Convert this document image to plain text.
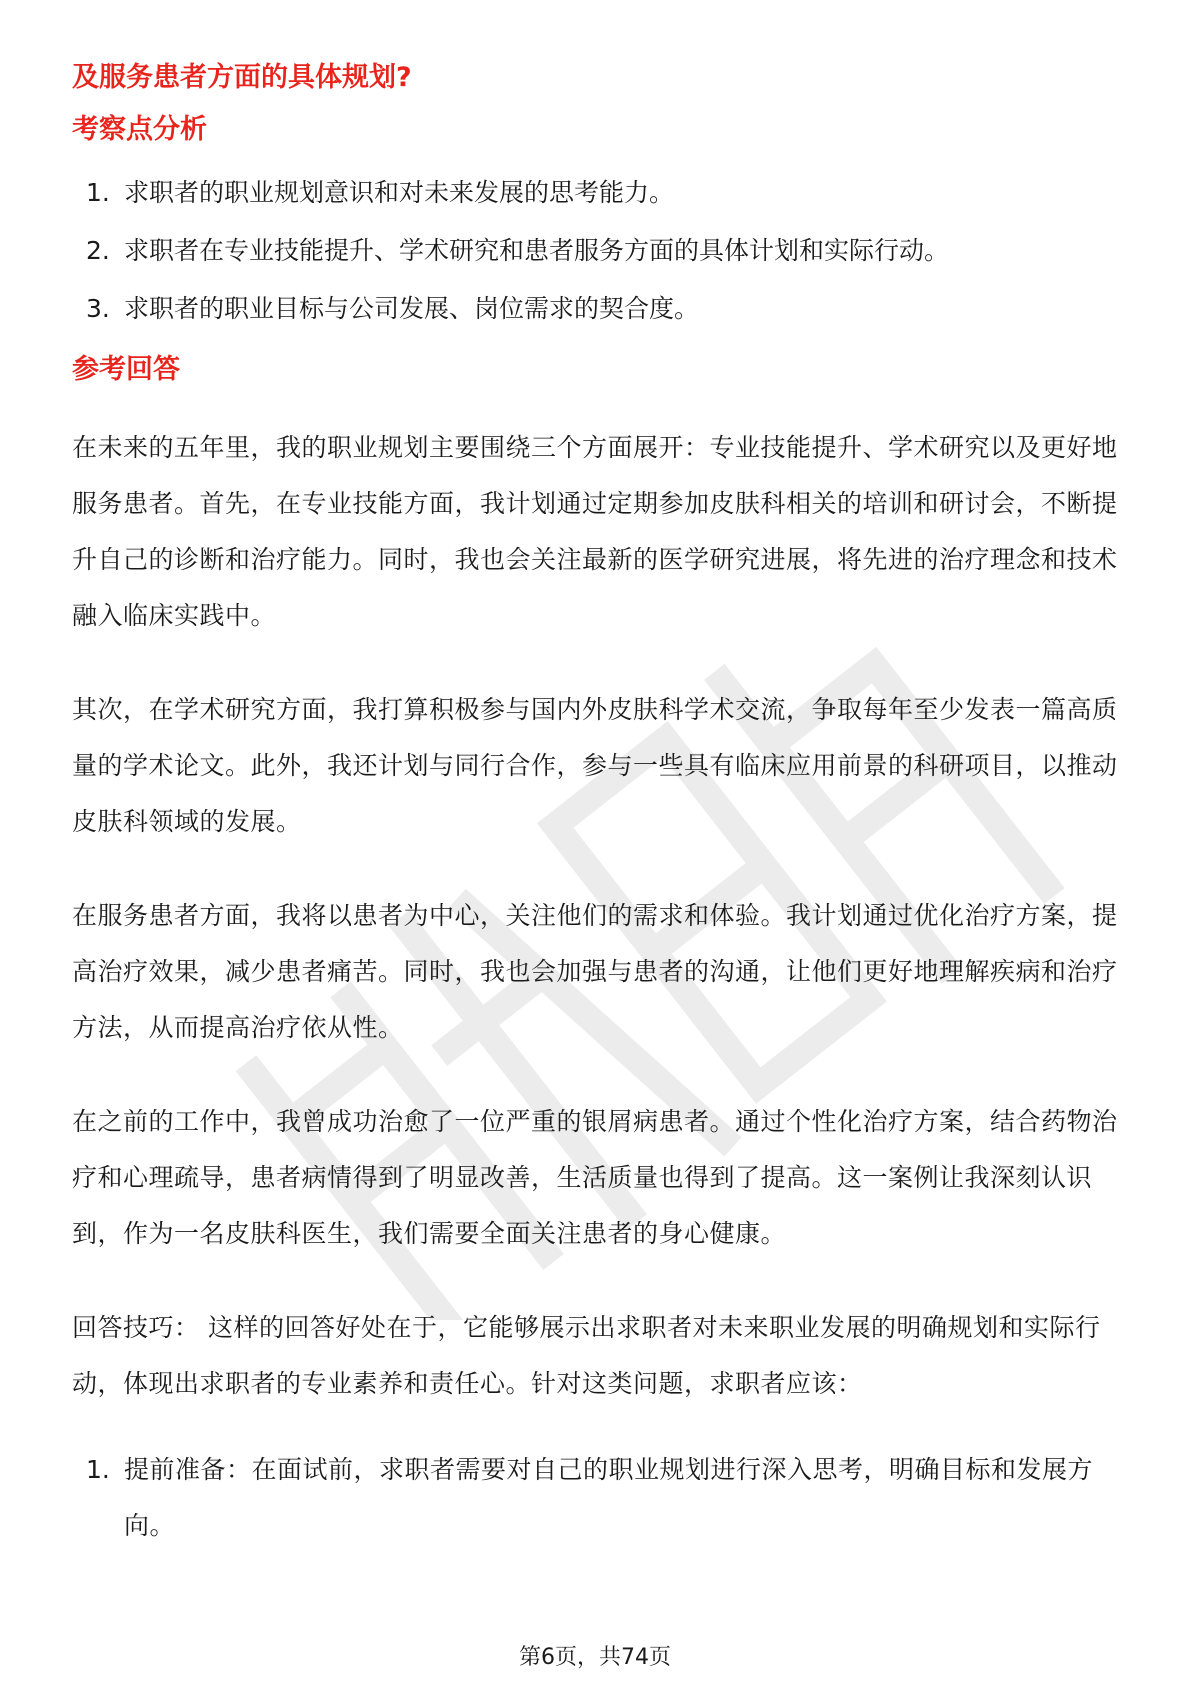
及服务患者方面的具体规划?
考察点分析
1. 求职者的职业规划意识和对未来发展的思考能力。
2. 求职者在专业技能提升、学术研究和患者服务方面的具体计划和实际行动。
3. 求职者的职业目标与公司发展、岗位需求的契合度。
参考回答

在未来的五年里，我的职业规划主要围绕三个方面展开：专业技能提升、学术研究以及更好地服务患者。首先，在专业技能方面，我计划通过定期参加皮肤科相关的培训和研讨会，不断提升自己的诊断和治疗能力。同时，我也会关注最新的医学研究进展，将先进的治疗理念和技术融入临床实践中。

其次，在学术研究方面，我打算积极参与国内外皮肤科学术交流，争取每年至少发表一篇高质量的学术论文。此外，我还计划与同行合作，参与一些具有临床应用前景的科研项目，以推动皮肤科领域的发展。

在服务患者方面，我将以患者为中心，关注他们的需求和体验。我计划通过优化治疗方案，提高治疗效果，减少患者痛苦。同时，我也会加强与患者的沟通，让他们更好地理解疾病和治疗方法，从而提高治疗依从性。

在之前的工作中，我曾成功治愈了一位严重的银屑病患者。通过个性化治疗方案，结合药物治疗和心理疏导，患者病情得到了明显改善，生活质量也得到了提高。这一案例让我深刻认识到，作为一名皮肤科医生，我们需要全面关注患者的身心健康。

回答技巧： 这样的回答好处在于，它能够展示出求职者对未来职业发展的明确规划和实际行动，体现出求职者的专业素养和责任心。针对这类问题，求职者应该：

1. 提前准备：在面试前，求职者需要对自己的职业规划进行深入思考，明确目标和发展方向。
第6页，共74页
